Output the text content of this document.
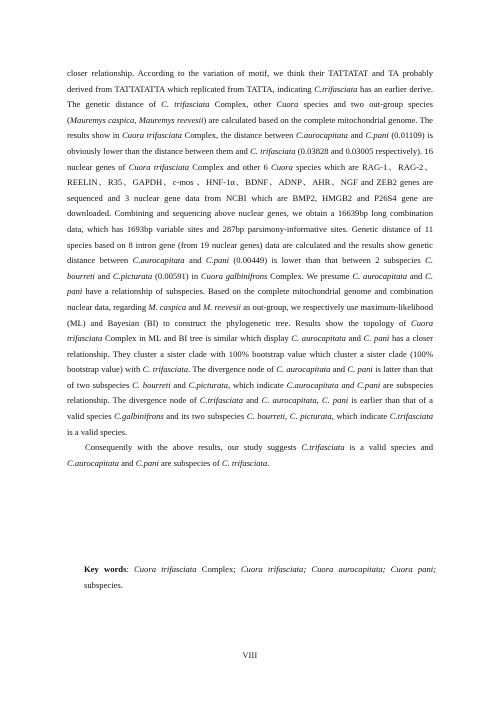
closer relationship. According to the variation of motif, we think their TATTATAT and TA probably derived from TATTATATTA which replicated from TATTA, indicating C.trifasciata has an earlier derive. The genetic distance of C. trifasciata Complex, other Cuora species and two out-group species (Mauremys caspica, Mauremys reevesii) are calculated based on the complete mitochondrial genome. The results show in Cuora trifasciata Complex, the distance between C.aurocapitata and C.pani (0.01109) is obviously lower than the distance between them and C. trifasciata (0.03828 and 0.03005 respectively). 16 nuclear genes of Cuora trifasciata Complex and other 6 Cuora species which are RAG-1、RAG-2、REELIN、R35、GAPDH、c-mos 、HNF-1α、BDNF、ADNP、AHR、NGF and ZEB2 genes are sequenced and 3 nuclear gene data from NCBI which are BMP2, HMGB2 and P26S4 gene are downloaded. Combining and sequencing above nuclear genes, we obtain a 16639bp long combination data, which has 1693bp variable sites and 287bp parsimony-informative sites. Genetic distance of 11 species based on 8 intron gene (from 19 nuclear genes) data are calculated and the results show genetic distance between C.aurocapitata and C.pani (0.00449) is lower than that between 2 subspecies C. bourreti and C.picturata (0.00591) in Cuora galbinifrons Complex. We presume C. aurocapitata and C. pani have a relationship of subspecies. Based on the complete mitochondrial genome and combination nuclear data, regarding M. caspica and M. reevesii as out-group, we respectively use maximum-likelihood (ML) and Bayesian (BI) to construct the phylogenetic tree. Results show the topology of Cuora trifasciata Complex in ML and BI tree is similar which display C. aurocapitata and C. pani has a closer relationship. They cluster a sister clade with 100% bootstrap value which cluster a sister clade (100% bootstrap value) with C. trifasciata. The divergence node of C. aurocapitata and C. pani is latter than that of two subspecies C. bourreti and C.picturata, which indicate C.aurocapitata and C.pani are subspecies relationship. The divergence node of C.trifasciata and C. aurocapitata, C. pani is earlier than that of a valid species C.galbinifrons and its two subspecies C. bourreti, C. picturata, which indicate C.trifasciata is a valid species.

Consequently with the above results, our study suggests C.trifasciata is a valid species and C.aurocapitata and C.pani are subspecies of C. trifasciata.

Key words: Cuora trifasciata Complex; Cuora trifasciata; Cuora aurocapitata; Cuora pani; subspecies.
VIII
